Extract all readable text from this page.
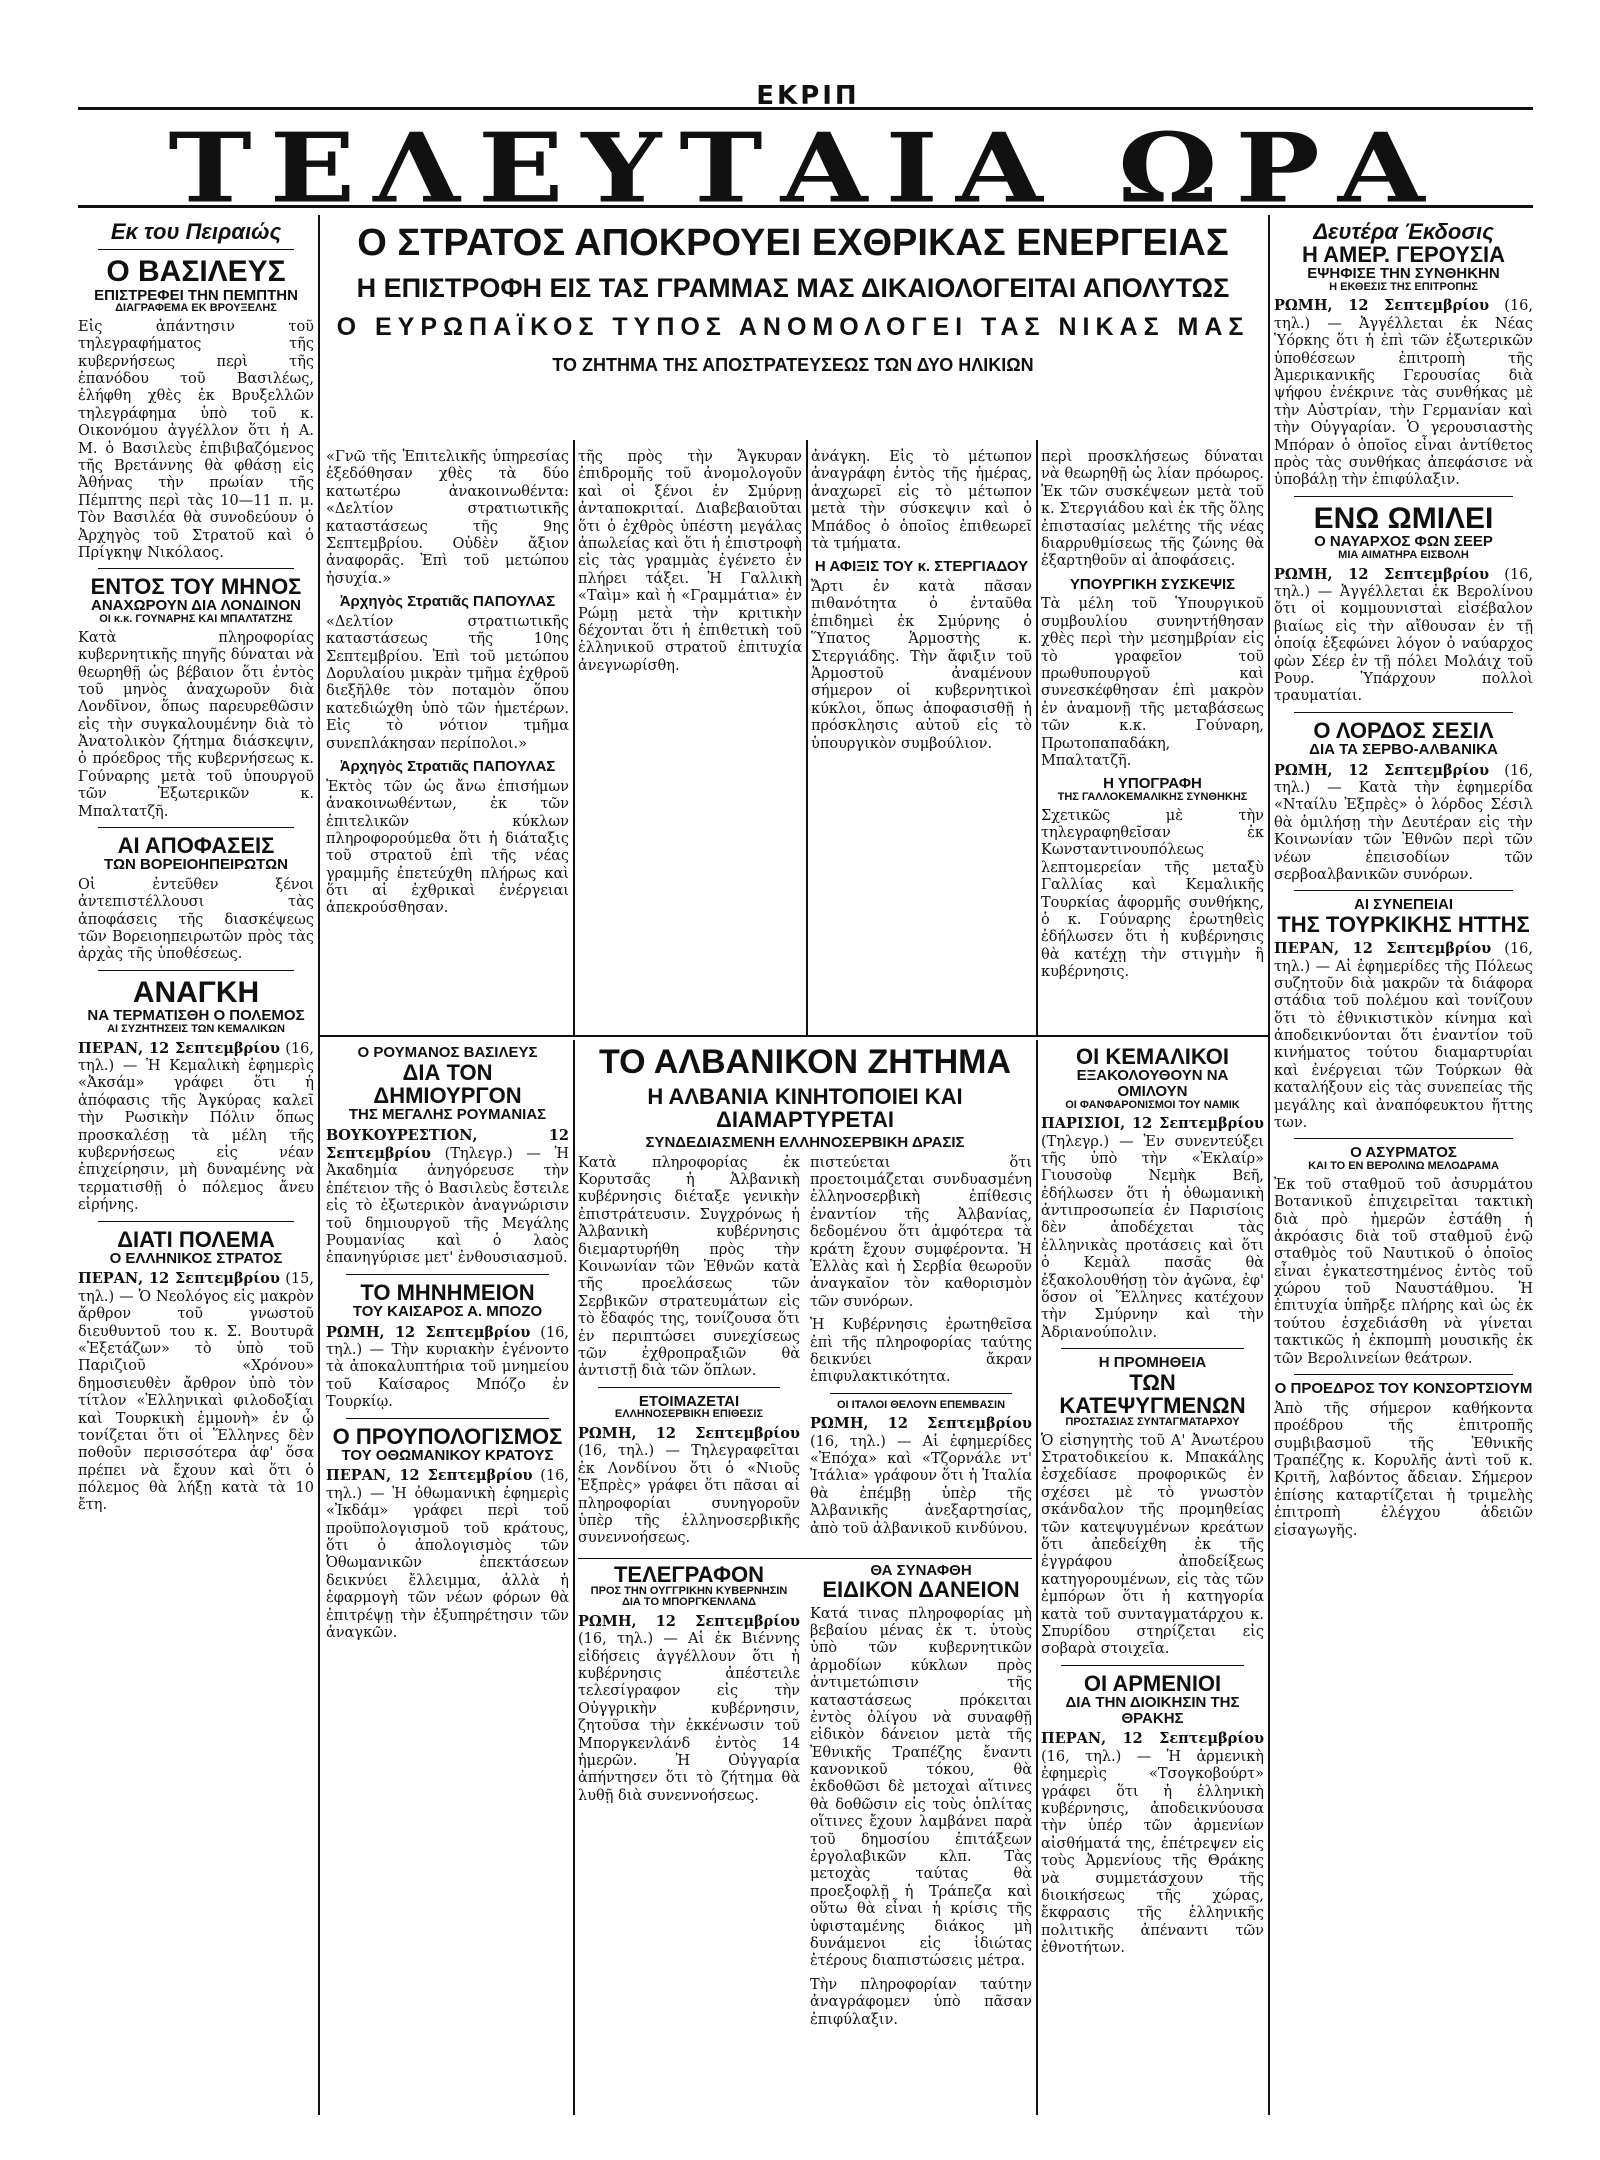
ΕΚΡΙΠ
ΤΕΛΕΥΤΑΙΑ ΩΡΑ
Εκ του Πειραιώς
Ο ΒΑΣΙΛΕΥΣ
ΕΠΙΣΤΡΕΦΕΙ ΤΗΝ ΠΕΜΠΤΗΝ
ΔΙΑΓΡΑΦΕΜΑ ΕΚ ΒΡΟΥΞΕΛΗΣ

Εἰς ἀπάντησιν τοῦ τηλεγραφήματος τῆς κυβερνήσεως περὶ τῆς ἐπανόδου τοῦ Βασιλέως, ἐλήφθη χθὲς ἐκ Βρυξελλῶν τηλεγράφημα ὑπὸ τοῦ κ. Οικονόμου ἀγγέλλον ὅτι ἡ Α. Μ. ὁ Βασιλεὺς ἐπιβιβαζόμενος τῆς Βρετάννης θὰ φθάσῃ εἰς Ἀθήνας τὴν πρωίαν τῆς Πέμπτης περὶ τὰς 10—11 π. μ. Τὸν Βασιλέα θὰ συνοδεύουν ὁ Ἀρχηγὸς τοῦ Στρατοῦ καὶ ὁ Πρίγκηψ Νικόλαος.

ΕΝΤΟΣ ΤΟΥ ΜΗΝΟΣ
ΑΝΑΧΩΡΟΥΝ ΔΙΑ ΛΟΝΔΙΝΟΝ
ΟΙ κ.κ. ΓΟΥΝΑΡΗΣ ΚΑΙ ΜΠΑΛΤΑΤΖΗΣ

Κατὰ πληροφορίας κυβερνητικῆς πηγῆς δύναται νὰ θεωρηθῇ ὡς βέβαιον ὅτι ἐντὸς τοῦ μηνὸς ἀναχωροῦν διὰ Λονδῖνον, ὅπως παρευρεθῶσιν εἰς τὴν συγκαλουμένην διὰ τὸ Ἀνατολικὸν ζήτημα διάσκεψιν, ὁ πρόεδρος τῆς κυβερνήσεως κ. Γούναρης μετὰ τοῦ ὑπουργοῦ τῶν Ἐξωτερικῶν κ. Μπαλτατζῆ.

ΑΙ ΑΠΟΦΑΣΕΙΣ
ΤΩΝ ΒΟΡΕΙΟΗΠΕΙΡΩΤΩΝ

Οἱ ἐντεῦθεν ξένοι ἀντεπιστέλλουσι τὰς ἀποφάσεις τῆς διασκέψεως τῶν Βορειοηπειρωτῶν πρὸς τὰς ἀρχὰς τῆς ὑποθέσεως.

ΑΝΑΓΚΗ
ΝΑ ΤΕΡΜΑΤΙΣΘΗ Ο ΠΟΛΕΜΟΣ
ΑΙ ΣΥΖΗΤΗΣΕΙΣ ΤΩΝ ΚΕΜΑΛΙΚΩΝ

ΠΕΡΑΝ, 12 Σεπτεμβρίου (16, τηλ.) — Ἡ Κεμαλικὴ ἐφημερὶς «Ἀκσάμ» γράφει ὅτι ἡ ἀπόφασις τῆς Ἀγκύρας καλεῖ τὴν Ρωσικὴν Πόλιν ὅπως προσκαλέσῃ τὰ μέλη τῆς κυβερνήσεως εἰς νέαν ἐπιχείρησιν, μὴ δυναμένης νὰ τερματισθῇ ὁ πόλεμος ἄνευ εἰρήνης.

ΔΙΑΤΙ ΠΟΛΕΜΑ
Ο ΕΛΛΗΝΙΚΟΣ ΣΤΡΑΤΟΣ

ΠΕΡΑΝ, 12 Σεπτεμβρίου (15, τηλ.) — Ὁ Νεολόγος εἰς μακρὸν ἄρθρον τοῦ γνωστοῦ διευθυντοῦ του κ. Σ. Βουτυρᾶ «Ἐξετάζων» τὸ ὑπὸ τοῦ Παριζιοῦ «Χρόνου» δημοσιευθὲν ἄρθρον ὑπὸ τὸν τίτλον «Ἑλληνικαὶ φιλοδοξίαι καὶ Τουρκικὴ ἐμμονὴ» ἐν ᾧ τονίζεται ὅτι οἱ Ἕλληνες δὲν ποθοῦν περισσότερα ἀφ' ὅσα πρέπει νὰ ἔχουν καὶ ὅτι ὁ πόλεμος θὰ λήξῃ κατὰ τὰ 10 ἔτη.

Ο ΣΤΡΑΤΟΣ ΑΠΟΚΡΟΥΕΙ ΕΧΘΡΙΚΑΣ ΕΝΕΡΓΕΙΑΣ
Η ΕΠΙΣΤΡΟΦΗ ΕΙΣ ΤΑΣ ΓΡΑΜΜΑΣ ΜΑΣ ΔΙΚΑΙΟΛΟΓΕΙΤΑΙ ΑΠΟΛΥΤΩΣ
Ο ΕΥΡΩΠΑΪΚΟΣ ΤΥΠΟΣ ΑΝΟΜΟΛΟΓΕΙ ΤΑΣ ΝΙΚΑΣ ΜΑΣ
ΤΟ ΖΗΤΗΜΑ ΤΗΣ ΑΠΟΣΤΡΑΤΕΥΣΕΩΣ ΤΩΝ ΔΥΟ ΗΛΙΚΙΩΝ

«Γνῶ τῆς Ἐπιτελικῆς ὑπηρεσίας ἐξεδόθησαν χθὲς τὰ δύο κατωτέρω ἀνακοινωθέντα: «Δελτίον στρατιωτικῆς καταστάσεως τῆς 9ης Σεπτεμβρίου. Οὐδὲν ἄξιον ἀναφορᾶς. Ἐπὶ τοῦ μετώπου ἡσυχία.»

Ἀρχηγὸς Στρατιᾶς ΠΑΠΟΥΛΑΣ

«Δελτίον στρατιωτικῆς καταστάσεως τῆς 10ης Σεπτεμβρίου. Ἐπὶ τοῦ μετώπου Δορυλαίου μικρὰν τμῆμα ἐχθροῦ διεξῆλθε τὸν ποταμὸν ὅπου κατεδιώχθη ὑπὸ τῶν ἡμετέρων. Εἰς τὸ νότιον τμῆμα συνεπλάκησαν περίπολοι.»

Ἀρχηγὸς Στρατιᾶς ΠΑΠΟΥΛΑΣ

Ἐκτὸς τῶν ὡς ἄνω ἐπισήμων ἀνακοινωθέντων, ἐκ τῶν ἐπιτελικῶν κύκλων πληροφορούμεθα ὅτι ἡ διάταξις τοῦ στρατοῦ ἐπὶ τῆς νέας γραμμῆς ἐπετεύχθη πλήρως καὶ ὅτι αἱ ἐχθρικαὶ ἐνέργειαι ἀπεκρούσθησαν.

τῆς πρὸς τὴν Ἄγκυραν ἐπιδρομῆς τοῦ ἀνομολογοῦν καὶ οἱ ξένοι ἐν Σμύρνῃ ἀνταποκριταί. Διαβεβαιοῦται ὅτι ὁ ἐχθρὸς ὑπέστη μεγάλας ἀπωλείας καὶ ὅτι ἡ ἐπιστροφὴ εἰς τὰς γραμμὰς ἐγένετο ἐν πλήρει τάξει. Ἡ Γαλλικὴ «Ταὶμ» καὶ ἡ «Γραμμάτια» ἐν Ρώμῃ μετὰ τὴν κριτικὴν δέχονται ὅτι ἡ ἐπιθετικὴ τοῦ ἑλληνικοῦ στρατοῦ ἐπιτυχία ἀνεγνωρίσθη.

ἀνάγκη. Εἰς τὸ μέτωπον ἀναγράφη ἐντὸς τῆς ἡμέρας, ἀναχωρεῖ εἰς τὸ μέτωπον μετὰ τὴν σύσκεψιν καὶ ὁ Μπάδος ὁ ὁποῖος ἐπιθεωρεῖ τὰ τμήματα.

Η ΑΦΙΞΙΣ ΤΟΥ κ. ΣΤΕΡΓΙΑΔΟΥ

Ἄρτι ἐν κατὰ πᾶσαν πιθανότητα ὁ ἐνταῦθα ἐπιδημεὶ ἐκ Σμύρνης ὁ Ὕπατος Ἁρμοστὴς κ. Στεργιάδης. Τὴν ἄφιξιν τοῦ Ἁρμοστοῦ ἀναμένουν σήμερον οἱ κυβερνητικοὶ κύκλοι, ὅπως ἀποφασισθῇ ἡ πρόσκλησις αὐτοῦ εἰς τὸ ὑπουργικὸν συμβούλιον.

περὶ προσκλήσεως δύναται νὰ θεωρηθῇ ὡς λίαν πρόωρος. Ἐκ τῶν συσκέψεων μετὰ τοῦ κ. Στεργιάδου καὶ ἐκ τῆς ὅλης ἐπιστασίας μελέτης τῆς νέας διαρρυθμίσεως τῆς ζώνης θὰ ἐξαρτηθοῦν αἱ ἀποφάσεις.

ΥΠΟΥΡΓΙΚΗ ΣΥΣΚΕΨΙΣ

Τὰ μέλη τοῦ Ὑπουργικοῦ συμβουλίου συνηντήθησαν χθὲς περὶ τὴν μεσημβρίαν εἰς τὸ γραφεῖον τοῦ πρωθυπουργοῦ καὶ συνεσκέφθησαν ἐπὶ μακρὸν ἐν ἀναμονῇ τῆς μεταβάσεως τῶν κ.κ. Γούναρη, Πρωτοπαπαδάκη, Μπαλτατζῆ.

Η ΥΠΟΓΡΑΦΗ
ΤΗΣ ΓΑΛΛΟΚΕΜΑΛΙΚΗΣ ΣΥΝΘΗΚΗΣ

Σχετικῶς μὲ τὴν τηλεγραφηθεῖσαν ἐκ Κωνσταντινουπόλεως λεπτομερείαν τῆς μεταξὺ Γαλλίας καὶ Κεμαλικῆς Τουρκίας ἀφορμῆς συνθήκης, ὁ κ. Γούναρης ἐρωτηθεὶς ἐδήλωσεν ὅτι ἡ κυβέρνησις θὰ κατέχῃ τὴν στιγμὴν ἣ κυβέρνησις.

Ο ΡΟΥΜΑΝΟΣ ΒΑΣΙΛΕΥΣ
ΔΙΑ ΤΟΝ ΔΗΜΙΟΥΡΓΟΝ
ΤΗΣ ΜΕΓΑΛΗΣ ΡΟΥΜΑΝΙΑΣ

ΒΟΥΚΟΥΡΕΣΤΙΟΝ, 12 Σεπτεμβρίου (Τηλεγρ.) — Ἡ Ἀκαδημία ἀνηγόρευσε τὴν ἐπέτειον τῆς ὁ Βασιλεὺς ἔστειλε εἰς τὸ ἐξωτερικὸν ἀναγνώρισιν τοῦ δημιουργοῦ τῆς Μεγάλης Ρουμανίας καὶ ὁ λαὸς ἐπανηγύρισε μετ' ἐνθουσιασμοῦ.

ΤΟ ΜΗΝΗΜΕΙΟΝ
ΤΟΥ ΚΑΙΣΑΡΟΣ Α. ΜΠΟΖΟ

ΡΩΜΗ, 12 Σεπτεμβρίου (16, τηλ.) — Τὴν κυριακὴν ἐγένοντο τὰ ἀποκαλυπτήρια τοῦ μνημείου τοῦ Καίσαρος Μπόζο ἐν Τουρκίῳ.

Ο ΠΡΟΥΠΟΛΟΓΙΣΜΟΣ
ΤΟΥ ΟΘΩΜΑΝΙΚΟΥ ΚΡΑΤΟΥΣ

ΠΕΡΑΝ, 12 Σεπτεμβρίου (16, τηλ.) — Ἡ ὀθωμανικὴ ἐφημερὶς «Ἰκδάμ» γράφει περὶ τοῦ προϋπολογισμοῦ τοῦ κράτους, ὅτι ὁ ἀπολογισμὸς τῶν Ὀθωμανικῶν ἐπεκτάσεων δεικνύει ἔλλειμμα, ἀλλὰ ἡ ἐφαρμογὴ τῶν νέων φόρων θὰ ἐπιτρέψῃ τὴν ἐξυπηρέτησιν τῶν ἀναγκῶν.

ΤΟ ΑΛΒΑΝΙΚΟΝ ΖΗΤΗΜΑ
Η ΑΛΒΑΝΙΑ ΚΙΝΗΤΟΠΟΙΕΙ ΚΑΙ ΔΙΑΜΑΡΤΥΡΕΤΑΙ
ΣΥΝΔΕΔΙΑΣΜΕΝΗ ΕΛΛΗΝΟΣΕΡΒΙΚΗ ΔΡΑΣΙΣ

Κατὰ πληροφορίας ἐκ Κορυτσᾶς ἡ Ἀλβανικὴ κυβέρνησις διέταξε γενικὴν ἐπιστράτευσιν. Συγχρόνως ἡ Ἀλβανικὴ κυβέρνησις διεμαρτυρήθη πρὸς τὴν Κοινωνίαν τῶν Ἐθνῶν κατὰ τῆς προελάσεως τῶν Σερβικῶν στρατευμάτων εἰς τὸ ἔδαφός της, τονίζουσα ὅτι ἐν περιπτώσει συνεχίσεως τῶν ἐχθροπραξιῶν θὰ ἀντιστῇ διὰ τῶν ὅπλων.

ΕΤΟΙΜΑΖΕΤΑΙ
ΕΛΛΗΝΟΣΕΡΒΙΚΗ ΕΠΙΘΕΣΙΣ

ΡΩΜΗ, 12 Σεπτεμβρίου (16, τηλ.) — Τηλεγραφεῖται ἐκ Λονδίνου ὅτι ὁ «Νιοῦς Ἐξπρὲς» γράφει ὅτι πᾶσαι αἱ πληροφορίαι συνηγοροῦν ὑπὲρ τῆς ἑλληνοσερβικῆς συνεννοήσεως.

πιστεύεται ὅτι προετοιμάζεται συνδυασμένη ἑλληνοσερβικὴ ἐπίθεσις ἐναντίον τῆς Ἀλβανίας, δεδομένου ὅτι ἀμφότερα τὰ κράτη ἔχουν συμφέροντα. Ἡ Ἑλλὰς καὶ ἡ Σερβία θεωροῦν ἀναγκαῖον τὸν καθορισμὸν τῶν συνόρων.

Ἡ Κυβέρνησις ἐρωτηθεῖσα ἐπὶ τῆς πληροφορίας ταύτης δεικνύει ἄκραν ἐπιφυλακτικότητα.

ΟΙ ΙΤΑΛΟΙ ΘΕΛΟΥΝ ΕΠΕΜΒΑΣΙΝ

ΡΩΜΗ, 12 Σεπτεμβρίου (16, τηλ.) — Αἱ ἐφημερίδες «Ἐπόχα» καὶ «Τζορνάλε ντ' Ἰτάλια» γράφουν ὅτι ἡ Ἰταλία θὰ ἐπέμβῃ ὑπὲρ τῆς Ἀλβανικῆς ἀνεξαρτησίας, ἀπὸ τοῦ ἀλβανικοῦ κινδύνου.

ΤΕΛΕΓΡΑΦΟΝ
ΠΡΟΣ ΤΗΝ ΟΥΓΓΡΙΚΗΝ ΚΥΒΕΡΝΗΣΙΝ
ΔΙΑ ΤΟ ΜΠΟΡΓΚΕΝΛΑΝΔ

ΡΩΜΗ, 12 Σεπτεμβρίου (16, τηλ.) — Αἱ ἐκ Βιέννης εἰδήσεις ἀγγέλλουν ὅτι ἡ κυβέρνησις ἀπέστειλε τελεσίγραφον εἰς τὴν Οὐγγρικὴν κυβέρνησιν, ζητοῦσα τὴν ἐκκένωσιν τοῦ Μποργκενλάνδ ἐντὸς 14 ἡμερῶν. Ἡ Οὐγγαρία ἀπήντησεν ὅτι τὸ ζήτημα θὰ λυθῇ διὰ συνεννοήσεως.

ΘΑ ΣΥΝΑΦΘΗ
ΕΙΔΙΚΟΝ ΔΑΝΕΙΟΝ

Κατά τινας πληροφορίας μὴ βεβαίου μένας ἐκ τ. ὑτοὺς ὑπὸ τῶν κυβερνητικῶν ἀρμοδίων κύκλων πρὸς ἀντιμετώπισιν τῆς καταστάσεως πρόκειται ἐντὸς ὀλίγου νὰ συναφθῇ εἰδικὸν δάνειον μετὰ τῆς Ἐθνικῆς Τραπέζης ἔναντι κανονικοῦ τόκου, θὰ ἐκδοθῶσι δὲ μετοχαὶ αἵτινες θὰ δοθῶσιν εἰς τοὺς ὁπλίτας οἵτινες ἔχουν λαμβάνει παρὰ τοῦ δημοσίου ἐπιτάξεων ἐργολαβικῶν κλπ. Τὰς μετοχὰς ταύτας θὰ προεξοφλῇ ἡ Τράπεζα καὶ οὕτω θὰ εἶναι ἡ κρίσις τῆς ὑφισταμένης διάκος μὴ δυνάμενοι εἰς ἰδιώτας ἑτέρους διαπιστώσεις μέτρα.

Τὴν πληροφορίαν ταύτην ἀναγράφομεν ὑπὸ πᾶσαν ἐπιφύλαξιν.

ΟΙ ΚΕΜΑΛΙΚΟΙ
ΕΞΑΚΟΛΟΥΘΟΥΝ ΝΑ ΟΜΙΛΟΥΝ
ΟΙ ΦΑΝΦΑΡΟΝΙΣΜΟΙ ΤΟΥ ΝΑΜΙΚ

ΠΑΡΙΣΙΟΙ, 12 Σεπτεμβρίου (Τηλεγρ.) — Ἐν συνεντεύξει τῆς ὑπὸ τὴν «Ἐκλαίρ» Γιουσοὺφ Νεμὴκ Βεῆ, ἐδήλωσεν ὅτι ἡ ὀθωμανικὴ ἀντιπροσωπεία ἐν Παρισίοις δὲν ἀποδέχεται τὰς ἑλληνικὰς προτάσεις καὶ ὅτι ὁ Κεμὰλ πασᾶς θὰ ἐξακολουθήσῃ τὸν ἀγῶνα, ἐφ' ὅσον οἱ Ἕλληνες κατέχουν τὴν Σμύρνην καὶ τὴν Ἀδριανούπολιν.

Η ΠΡΟΜΗΘΕΙΑ
ΤΩΝ ΚΑΤΕΨΥΓΜΕΝΩΝ
ΠΡΟΣΤΑΣΙΑΣ ΣΥΝΤΑΓΜΑΤΑΡΧΟΥ

Ὁ εἰσηγητὴς τοῦ Α' Ἀνωτέρου Στρατοδικείου κ. Μπακάλης ἐσχεδίασε προφορικῶς ἐν σχέσει μὲ τὸ γνωστὸν σκάνδαλον τῆς προμηθείας τῶν κατεψυγμένων κρεάτων ὅτι ἀπεδείχθη ἐκ τῆς ἐγγράφου ἀποδείξεως κατηγορουμένων, εἰς τὰς τῶν ἐμπόρων ὅτι ἡ κατηγορία κατὰ τοῦ συνταγματάρχου κ. Σπυρίδου στηρίζεται εἰς σοβαρὰ στοιχεῖα.

ΟΙ ΑΡΜΕΝΙΟΙ
ΔΙΑ ΤΗΝ ΔΙΟΙΚΗΣΙΝ ΤΗΣ ΘΡΑΚΗΣ

ΠΕΡΑΝ, 12 Σεπτεμβρίου (16, τηλ.) — Ἡ ἀρμενικὴ ἐφημερὶς «Τσογκοβούρτ» γράφει ὅτι ἡ ἑλληνικὴ κυβέρνησις, ἀποδεικνύουσα τὴν ὑπέρ τῶν ἀρμενίων αἰσθήματά της, ἐπέτρεψεν εἰς τοὺς Ἀρμενίους τῆς Θράκης νὰ συμμετάσχουν τῆς διοικήσεως τῆς χώρας, ἔκφρασις τῆς ἑλληνικῆς πολιτικῆς ἀπέναντι τῶν ἐθνοτήτων.

Δευτέρα Έκδοσις
Η ΑΜΕΡ. ΓΕΡΟΥΣΙΑ
ΕΨΗΦΙΣΕ ΤΗΝ ΣΥΝΘΗΚΗΝ
Η ΕΚΘΕΣΙΣ ΤΗΣ ΕΠΙΤΡΟΠΗΣ

ΡΩΜΗ, 12 Σεπτεμβρίου (16, τηλ.) — Ἀγγέλλεται ἐκ Νέας Ὑόρκης ὅτι ἡ ἐπὶ τῶν ἐξωτερικῶν ὑποθέσεων ἐπιτροπὴ τῆς Ἀμερικανικῆς Γερουσίας διὰ ψήφου ἐνέκρινε τὰς συνθήκας μὲ τὴν Αὐστρίαν, τὴν Γερμανίαν καὶ τὴν Οὐγγαρίαν. Ὁ γερουσιαστὴς Μπόραν ὁ ὁποῖος εἶναι ἀντίθετος πρὸς τὰς συνθήκας ἀπεφάσισε νὰ ὑποβάλῃ τὴν ἐπιφύλαξιν.

ΕΝΩ ΩΜΙΛΕΙ
Ο ΝΑΥΑΡΧΟΣ ΦΩΝ ΣΕΕΡ
ΜΙΑ ΑΙΜΑΤΗΡΑ ΕΙΣΒΟΛΗ

ΡΩΜΗ, 12 Σεπτεμβρίου (16, τηλ.) — Ἀγγέλλεται ἐκ Βερολίνου ὅτι οἱ κομμουνισταὶ εἰσέβαλον βιαίως εἰς τὴν αἴθουσαν ἐν τῇ ὁποίᾳ ἐξεφώνει λόγον ὁ ναύαρχος φὼν Σέερ ἐν τῇ πόλει Μολάιχ τοῦ Ρουρ. Ὑπάρχουν πολλοὶ τραυματίαι.

Ο ΛΟΡΔΟΣ ΣΕΣΙΛ
ΔΙΑ ΤΑ ΣΕΡΒΟ-ΑΛΒΑΝΙΚΑ

ΡΩΜΗ, 12 Σεπτεμβρίου (16, τηλ.) — Κατὰ τὴν ἐφημερίδα «Νταίλυ Ἐξπρὲς» ὁ λόρδος Σέσιλ θὰ ὁμιλήσῃ τὴν Δευτέραν εἰς τὴν Κοινωνίαν τῶν Ἐθνῶν περὶ τῶν νέων ἐπεισοδίων τῶν σερβοαλβανικῶν συνόρων.

ΑΙ ΣΥΝΕΠΕΙΑΙ
ΤΗΣ ΤΟΥΡΚΙΚΗΣ ΗΤΤΗΣ

ΠΕΡΑΝ, 12 Σεπτεμβρίου (16, τηλ.) — Αἱ ἐφημερίδες τῆς Πόλεως συζητοῦν διὰ μακρῶν τὰ διάφορα στάδια τοῦ πολέμου καὶ τονίζουν ὅτι τὸ ἐθνικιστικὸν κίνημα καὶ ἀποδεικνύονται ὅτι ἐναντίον τοῦ κινήματος τούτου διαμαρτυρίαι καὶ ἐνέργειαι τῶν Τούρκων θὰ καταλήξουν εἰς τὰς συνεπείας τῆς μεγάλης καὶ ἀναπόφευκτου ἥττης των.

Ο ΑΣΥΡΜΑΤΟΣ
ΚΑΙ ΤΟ ΕΝ ΒΕΡΟΛΙΝΩ ΜΕΛΟΔΡΑΜΑ

Ἐκ τοῦ σταθμοῦ τοῦ ἀσυρμάτου Βοτανικοῦ ἐπιχειρεῖται τακτικὴ διὰ πρὸ ἡμερῶν ἐστάθη ἡ ἀκρόασις διὰ τοῦ σταθμοῦ ἐνῷ σταθμὸς τοῦ Ναυτικοῦ ὁ ὁποῖος εἶναι ἐγκατεστημένος ἐντὸς τοῦ χώρου τοῦ Ναυστάθμου. Ἡ ἐπιτυχία ὑπῆρξε πλήρης καὶ ὡς ἐκ τούτου ἐσχεδιάσθη νὰ γίνεται τακτικῶς ἡ ἐκπομπὴ μουσικῆς ἐκ τῶν Βερολινείων θεάτρων.

Ο ΠΡΟΕΔΡΟΣ ΤΟΥ ΚΟΝΣΟΡΤΣΙΟΥΜ

Ἀπὸ τῆς σήμερον καθήκοντα προέδρου τῆς ἐπιτροπῆς συμβιβασμοῦ τῆς Ἐθνικῆς Τραπέζης κ. Κορυλῆς ἀντὶ τοῦ κ. Κριτῆ, λαβόντος ἄδειαν. Σήμερον ἐπίσης καταρτίζεται ἡ τριμελὴς ἐπιτροπὴ ἐλέγχου ἀδειῶν εἰσαγωγῆς.
